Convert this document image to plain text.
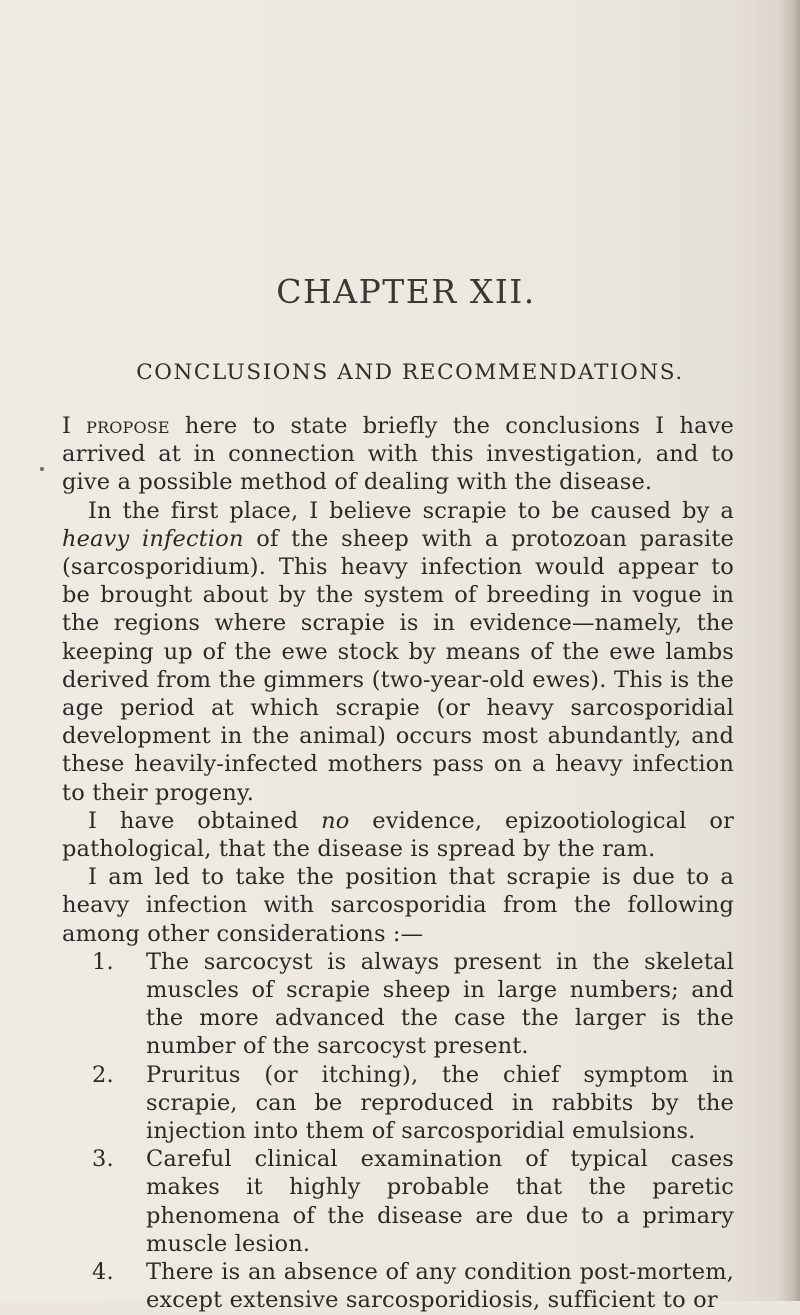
CHAPTER XII.
CONCLUSIONS AND RECOMMENDATIONS.

I propose here to state briefly the conclusions I have arrived at in connection with this investigation, and to give a possible method of dealing with the disease.

In the first place, I believe scrapie to be caused by a heavy infection of the sheep with a protozoan parasite (sarcosporidium). This heavy infection would appear to be brought about by the system of breeding in vogue in the regions where scrapie is in evidence—namely, the keeping up of the ewe stock by means of the ewe lambs derived from the gimmers (two-year-old ewes). This is the age period at which scrapie (or heavy sarcosporidial development in the animal) occurs most abundantly, and these heavily-infected mothers pass on a heavy infection to their progeny.

I have obtained no evidence, epizootiological or pathological, that the disease is spread by the ram.

I am led to take the position that scrapie is due to a heavy infection with sarcosporidia from the following among other considerations :—

1. The sarcocyst is always present in the skeletal muscles of scrapie sheep in large numbers; and the more advanced the case the larger is the number of the sarcocyst present.
2. Pruritus (or itching), the chief symptom in scrapie, can be reproduced in rabbits by the injection into them of sarcosporidial emulsions.
3. Careful clinical examination of typical cases makes it highly probable that the paretic phenomena of the disease are due to a primary muscle lesion.
4. There is an absence of any condition post-mortem, except extensive sarcosporidiosis, sufficient to or
